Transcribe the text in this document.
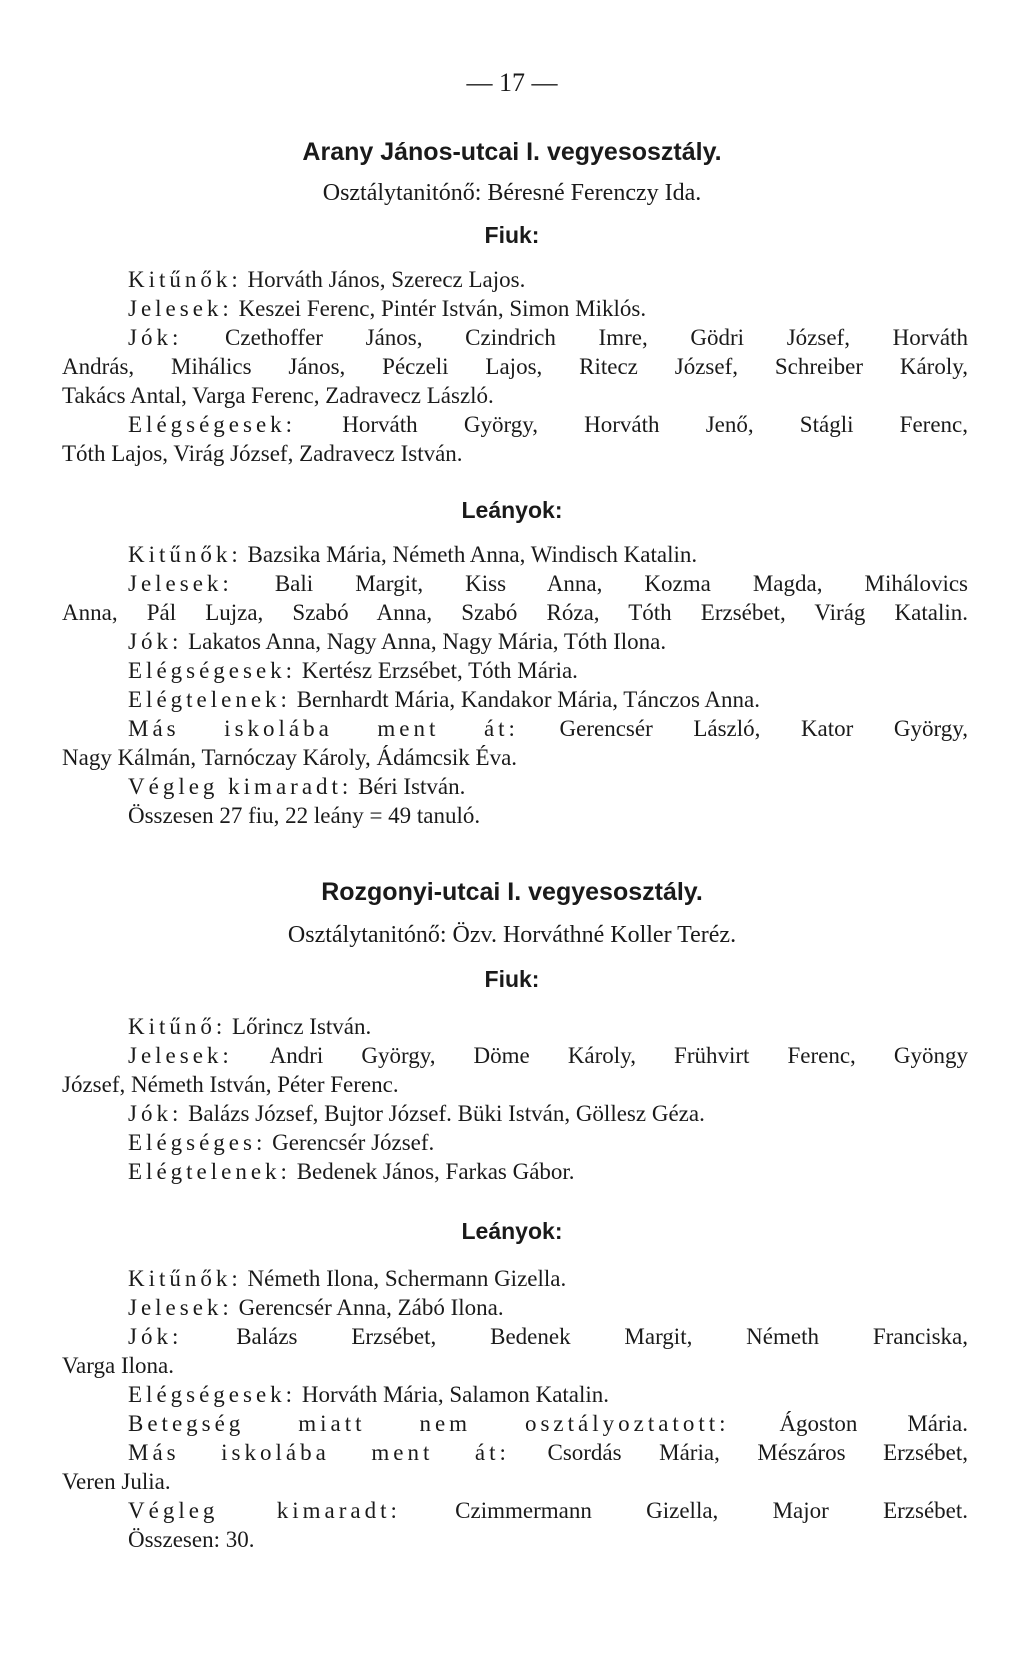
— 17 —
Arany János-utcai I. vegyesosztály.
Osztálytanitónő: Béresné Ferenczy Ida.
Fiuk:
Kitűnők: Horváth János, Szerecz Lajos.
Jelesek: Keszei Ferenc, Pintér István, Simon Miklós.
Jók: Czethoffer János, Czindrich Imre, Gödri József, Horváth
András, Mihálics János, Péczeli Lajos, Ritecz József, Schreiber Károly,
Takács Antal, Varga Ferenc, Zadravecz László.
Elégségesek: Horváth György, Horváth Jenő, Stágli Ferenc,
Tóth Lajos, Virág József, Zadravecz István.
Leányok:
Kitűnők: Bazsika Mária, Németh Anna, Windisch Katalin.
Jelesek: Bali Margit, Kiss Anna, Kozma Magda, Mihálovics
Anna, Pál Lujza, Szabó Anna, Szabó Róza, Tóth Erzsébet, Virág Katalin.
Jók: Lakatos Anna, Nagy Anna, Nagy Mária, Tóth Ilona.
Elégségesek: Kertész Erzsébet, Tóth Mária.
Elégtelenek: Bernhardt Mária, Kandakor Mária, Tánczos Anna.
Más iskolába ment át: Gerencsér László, Kator György,
Nagy Kálmán, Tarnóczay Károly, Ádámcsik Éva.
Végleg kimaradt: Béri István.
Összesen 27 fiu, 22 leány = 49 tanuló.
Rozgonyi-utcai I. vegyesosztály.
Osztálytanitónő: Özv. Horváthné Koller Teréz.
Fiuk:
Kitűnő: Lőrincz István.
Jelesek: Andri György, Döme Károly, Frühvirt Ferenc, Gyöngy
József, Németh István, Péter Ferenc.
Jók: Balázs József, Bujtor József. Büki István, Göllesz Géza.
Elégséges: Gerencsér József.
Elégtelenek: Bedenek János, Farkas Gábor.
Leányok:
Kitűnők: Németh Ilona, Schermann Gizella.
Jelesek: Gerencsér Anna, Zábó Ilona.
Jók: Balázs Erzsébet, Bedenek Margit, Németh Franciska,
Varga Ilona.
Elégségesek: Horváth Mária, Salamon Katalin.
Betegség miatt nem osztályoztatott: Ágoston Mária.
Más iskolába ment át: Csordás Mária, Mészáros Erzsébet,
Veren Julia.
Végleg kimaradt: Czimmermann Gizella, Major Erzsébet.
Összesen: 30.
